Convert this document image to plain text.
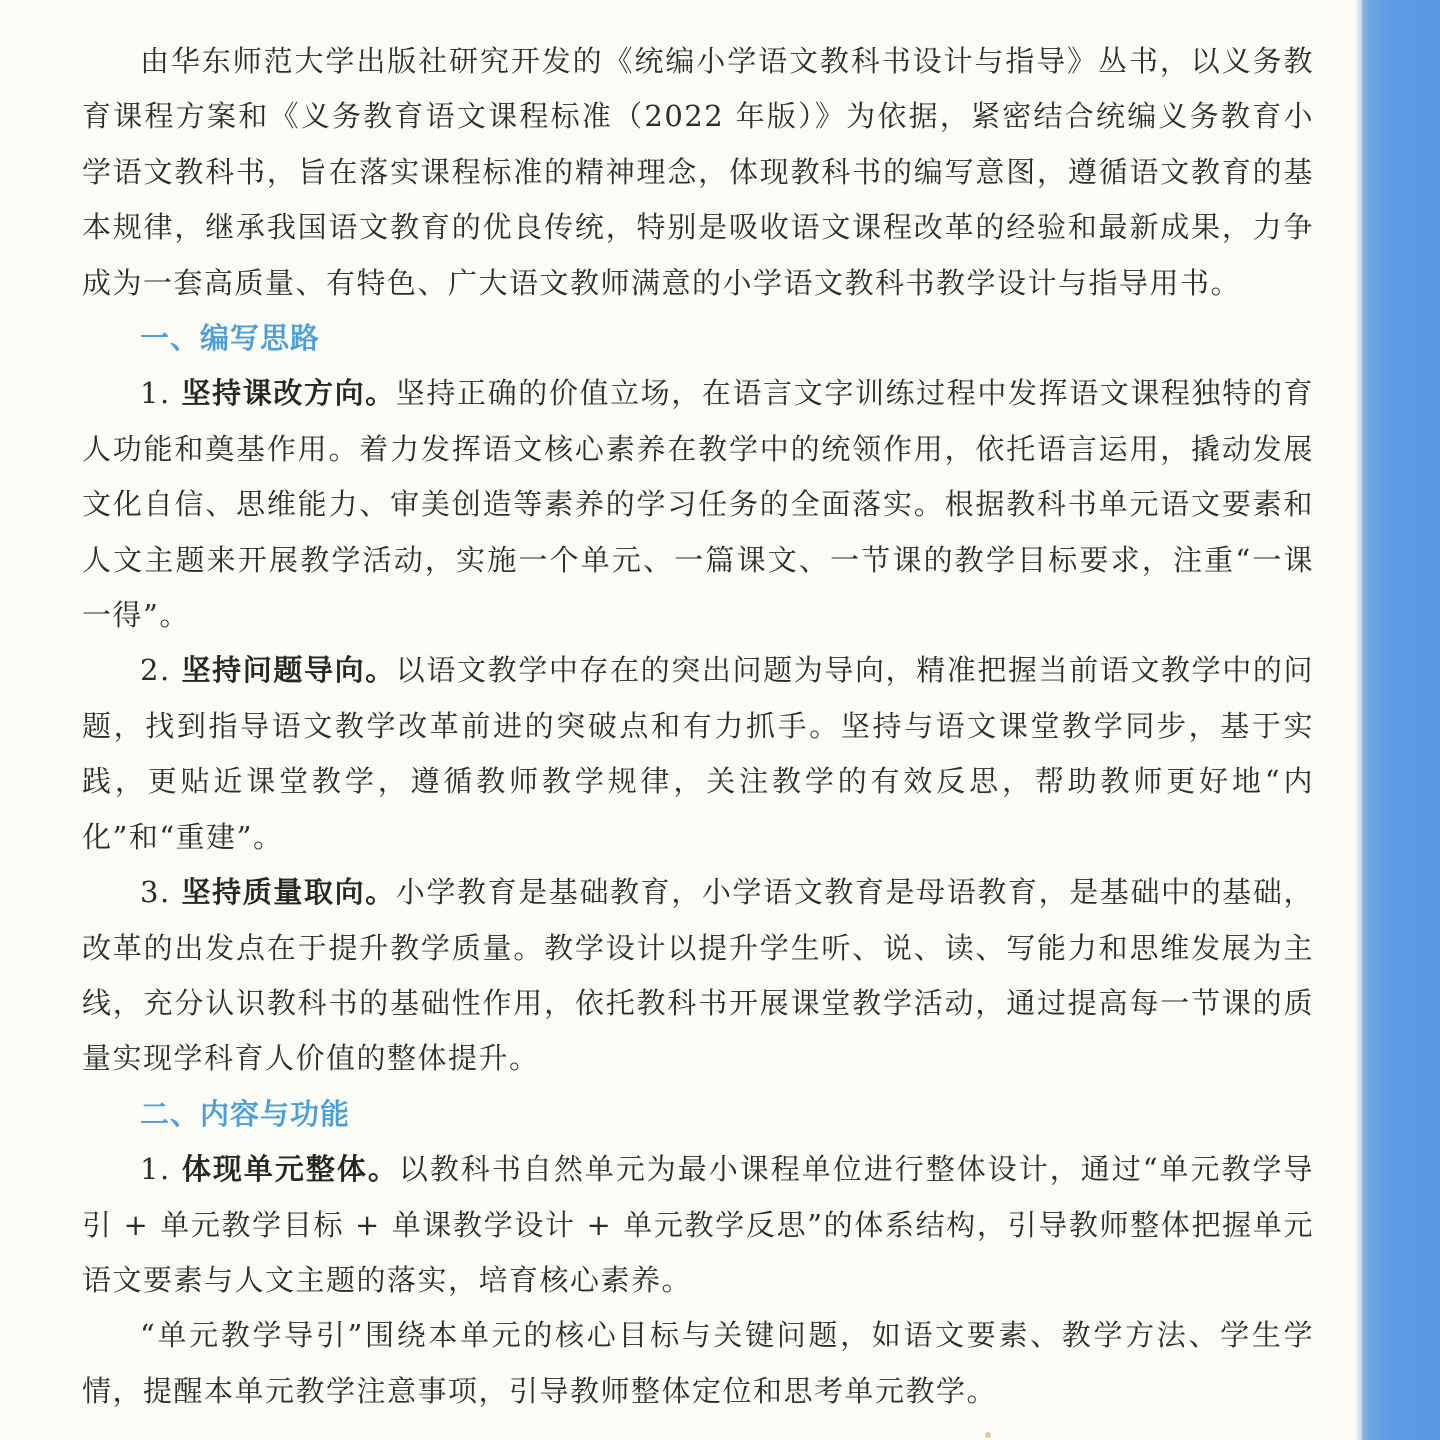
由华东师范大学出版社研究开发的《统编小学语文教科书设计与指导》丛书，以义务教育课程方案和《义务教育语文课程标准（2022 年版）》为依据，紧密结合统编义务教育小学语文教科书，旨在落实课程标准的精神理念，体现教科书的编写意图，遵循语文教育的基本规律，继承我国语文教育的优良传统，特别是吸收语文课程改革的经验和最新成果，力争成为一套高质量、有特色、广大语文教师满意的小学语文教科书教学设计与指导用书。

一、编写思路

1. 坚持课改方向。坚持正确的价值立场，在语言文字训练过程中发挥语文课程独特的育人功能和奠基作用。着力发挥语文核心素养在教学中的统领作用，依托语言运用，撬动发展文化自信、思维能力、审美创造等素养的学习任务的全面落实。根据教科书单元语文要素和人文主题来开展教学活动，实施一个单元、一篇课文、一节课的教学目标要求，注重“一课一得”。

2. 坚持问题导向。以语文教学中存在的突出问题为导向，精准把握当前语文教学中的问题，找到指导语文教学改革前进的突破点和有力抓手。坚持与语文课堂教学同步，基于实践，更贴近课堂教学，遵循教师教学规律，关注教学的有效反思，帮助教师更好地“内化”和“重建”。

3. 坚持质量取向。小学教育是基础教育，小学语文教育是母语教育，是基础中的基础，改革的出发点在于提升教学质量。教学设计以提升学生听、说、读、写能力和思维发展为主线，充分认识教科书的基础性作用，依托教科书开展课堂教学活动，通过提高每一节课的质量实现学科育人价值的整体提升。

二、内容与功能

1. 体现单元整体。以教科书自然单元为最小课程单位进行整体设计，通过“单元教学导引 + 单元教学目标 + 单课教学设计 + 单元教学反思”的体系结构，引导教师整体把握单元语文要素与人文主题的落实，培育核心素养。

“单元教学导引”围绕本单元的核心目标与关键问题，如语文要素、教学方法、学生学情，提醒本单元教学注意事项，引导教师整体定位和思考单元教学。
